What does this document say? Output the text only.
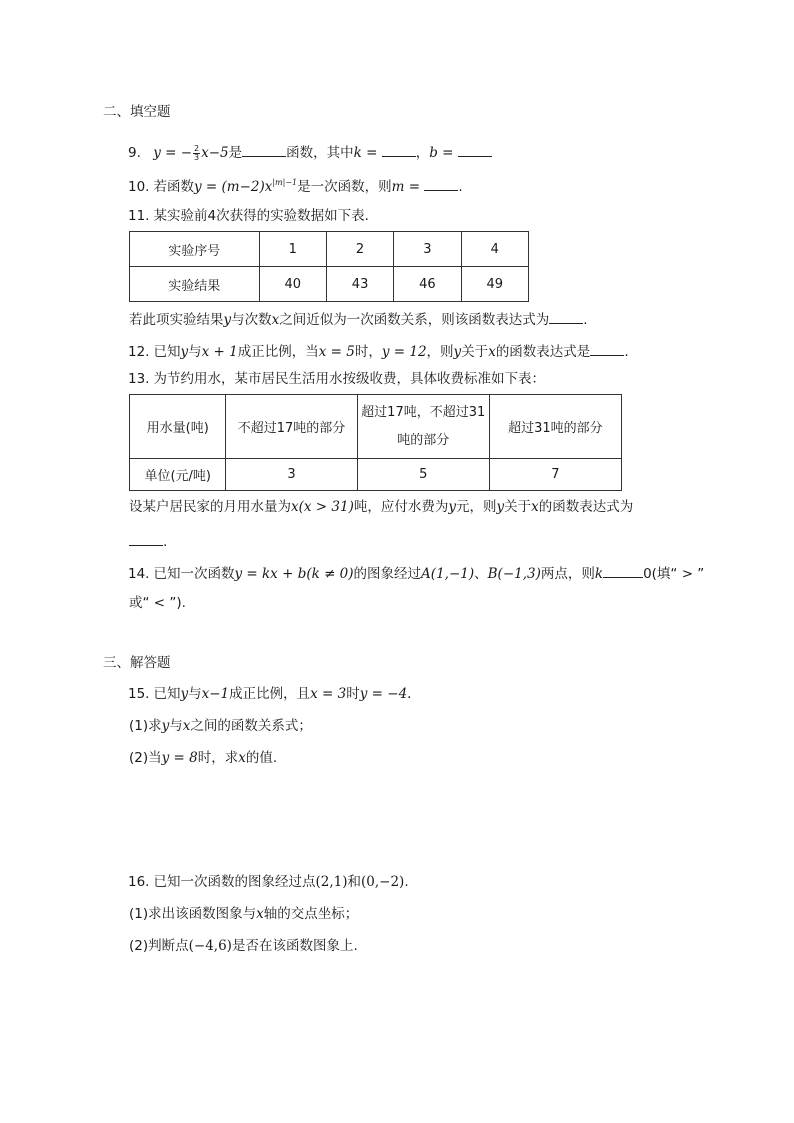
二、填空题
9. y = − $\frac{2}{3} x-5$是	函数，其中k =	，b =
10. 若函数$y = (m-2)x^{|m|-1}$是一次函数，则m =	.
11. 某实验前4次获得的实验数据如下表.
实验序号	1	2	3	4
实验结果	40	43	46	49
若此项实验结果y与次数x之间近似为一次函数关系，则该函数表达式为	.
12. 已知y与x + 1成正比例，当x = 5时，y = 12，则y关于x的函数表达式是	.
13. 为节约用水，某市居民生活用水按级收费，具体收费标准如下表：
用水量(吨)	不超过17吨的部分	超过17吨，不超过31
吨的部分	超过31吨的部分
单位(元/吨)	3	5	7
设某户居民家的月用水量为x(x > 31)吨，应付水费为y元，则y关于x的函数表达式为
.
14. 已知一次函数y = kx + b(k ≠ 0)的图象经过A(1,−1)、B(−1,3)两点，则k	0(填“ > ”
或“ < ”).
三、解答题
15. 已知y与x−1成正比例，且x = 3时y = −4.
(1)求y与x之间的函数关系式；
(2)当y = 8时，求x的值.
16. 已知一次函数的图象经过点(2,1)和(0,−2).
(1)求出该函数图象与x轴的交点坐标；
(2)判断点(−4,6)是否在该函数图象上.
